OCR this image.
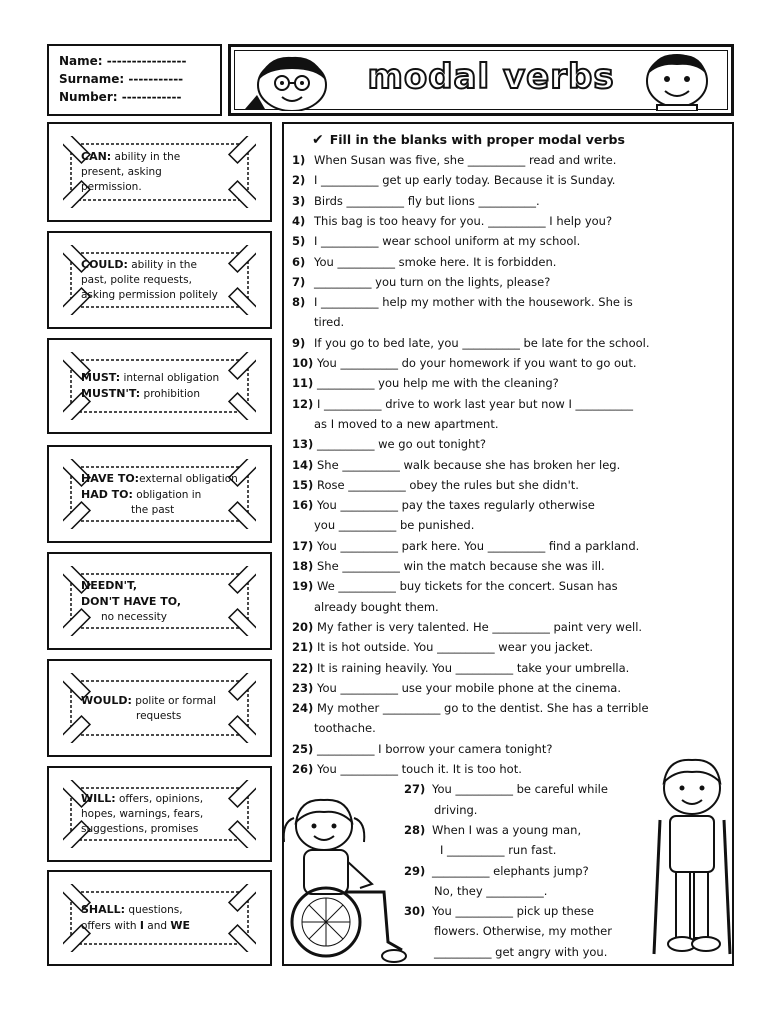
Name: ----------------
Surname: -----------
Number: ------------	modal verbs
CAN: ability in the
present, asking
permission.
COULD: ability in the
past, polite requests,
asking permission politely
MUST: internal obligation
MUSTN'T: prohibition
HAVE TO:external obligation
HAD TO: obligation in
the past
NEEDN'T,
DON'T HAVE TO,
no necessity
WOULD: polite or formal
requests
WILL: offers, opinions,
hopes, warnings, fears,
suggestions, promises
SHALL: questions,
offers with I and WE
✔ Fill in the blanks with proper modal verbs
1) When Susan was five, she __________ read and write.
2) I __________ get up early today. Because it is Sunday.
3) Birds __________ fly but lions __________.
4) This bag is too heavy for you. __________ I help you?
5) I __________ wear school uniform at my school.
6) You __________ smoke here. It is forbidden.
7) __________ you turn on the lights, please?
8) I __________ help my mother with the housework. She is
tired.
9) If you go to bed late, you __________ be late for the school.
10) You __________ do your homework if you want to go out.
11) __________ you help me with the cleaning?
12) I __________ drive to work last year but now I __________
as I moved to a new apartment.
13) __________ we go out tonight?
14) She __________ walk because she has broken her leg.
15) Rose __________ obey the rules but she didn't.
16) You __________ pay the taxes regularly otherwise
you __________ be punished.
17) You __________ park here. You __________ find a parkland.
18) She __________ win the match because she was ill.
19) We __________ buy tickets for the concert. Susan has
already bought them.
20) My father is very talented. He __________ paint very well.
21) It is hot outside. You __________ wear you jacket.
22) It is raining heavily. You __________ take your umbrella.
23) You __________ use your mobile phone at the cinema.
24) My mother __________ go to the dentist. She has a terrible
toothache.
25) __________ I borrow your camera tonight?
26) You __________ touch it. It is too hot.
27) You __________ be careful while
driving.
28) When I was a young man,
I __________ run fast.
29) __________ elephants jump?
No, they __________.
30) You __________ pick up these
flowers. Otherwise, my mother
__________ get angry with you.
